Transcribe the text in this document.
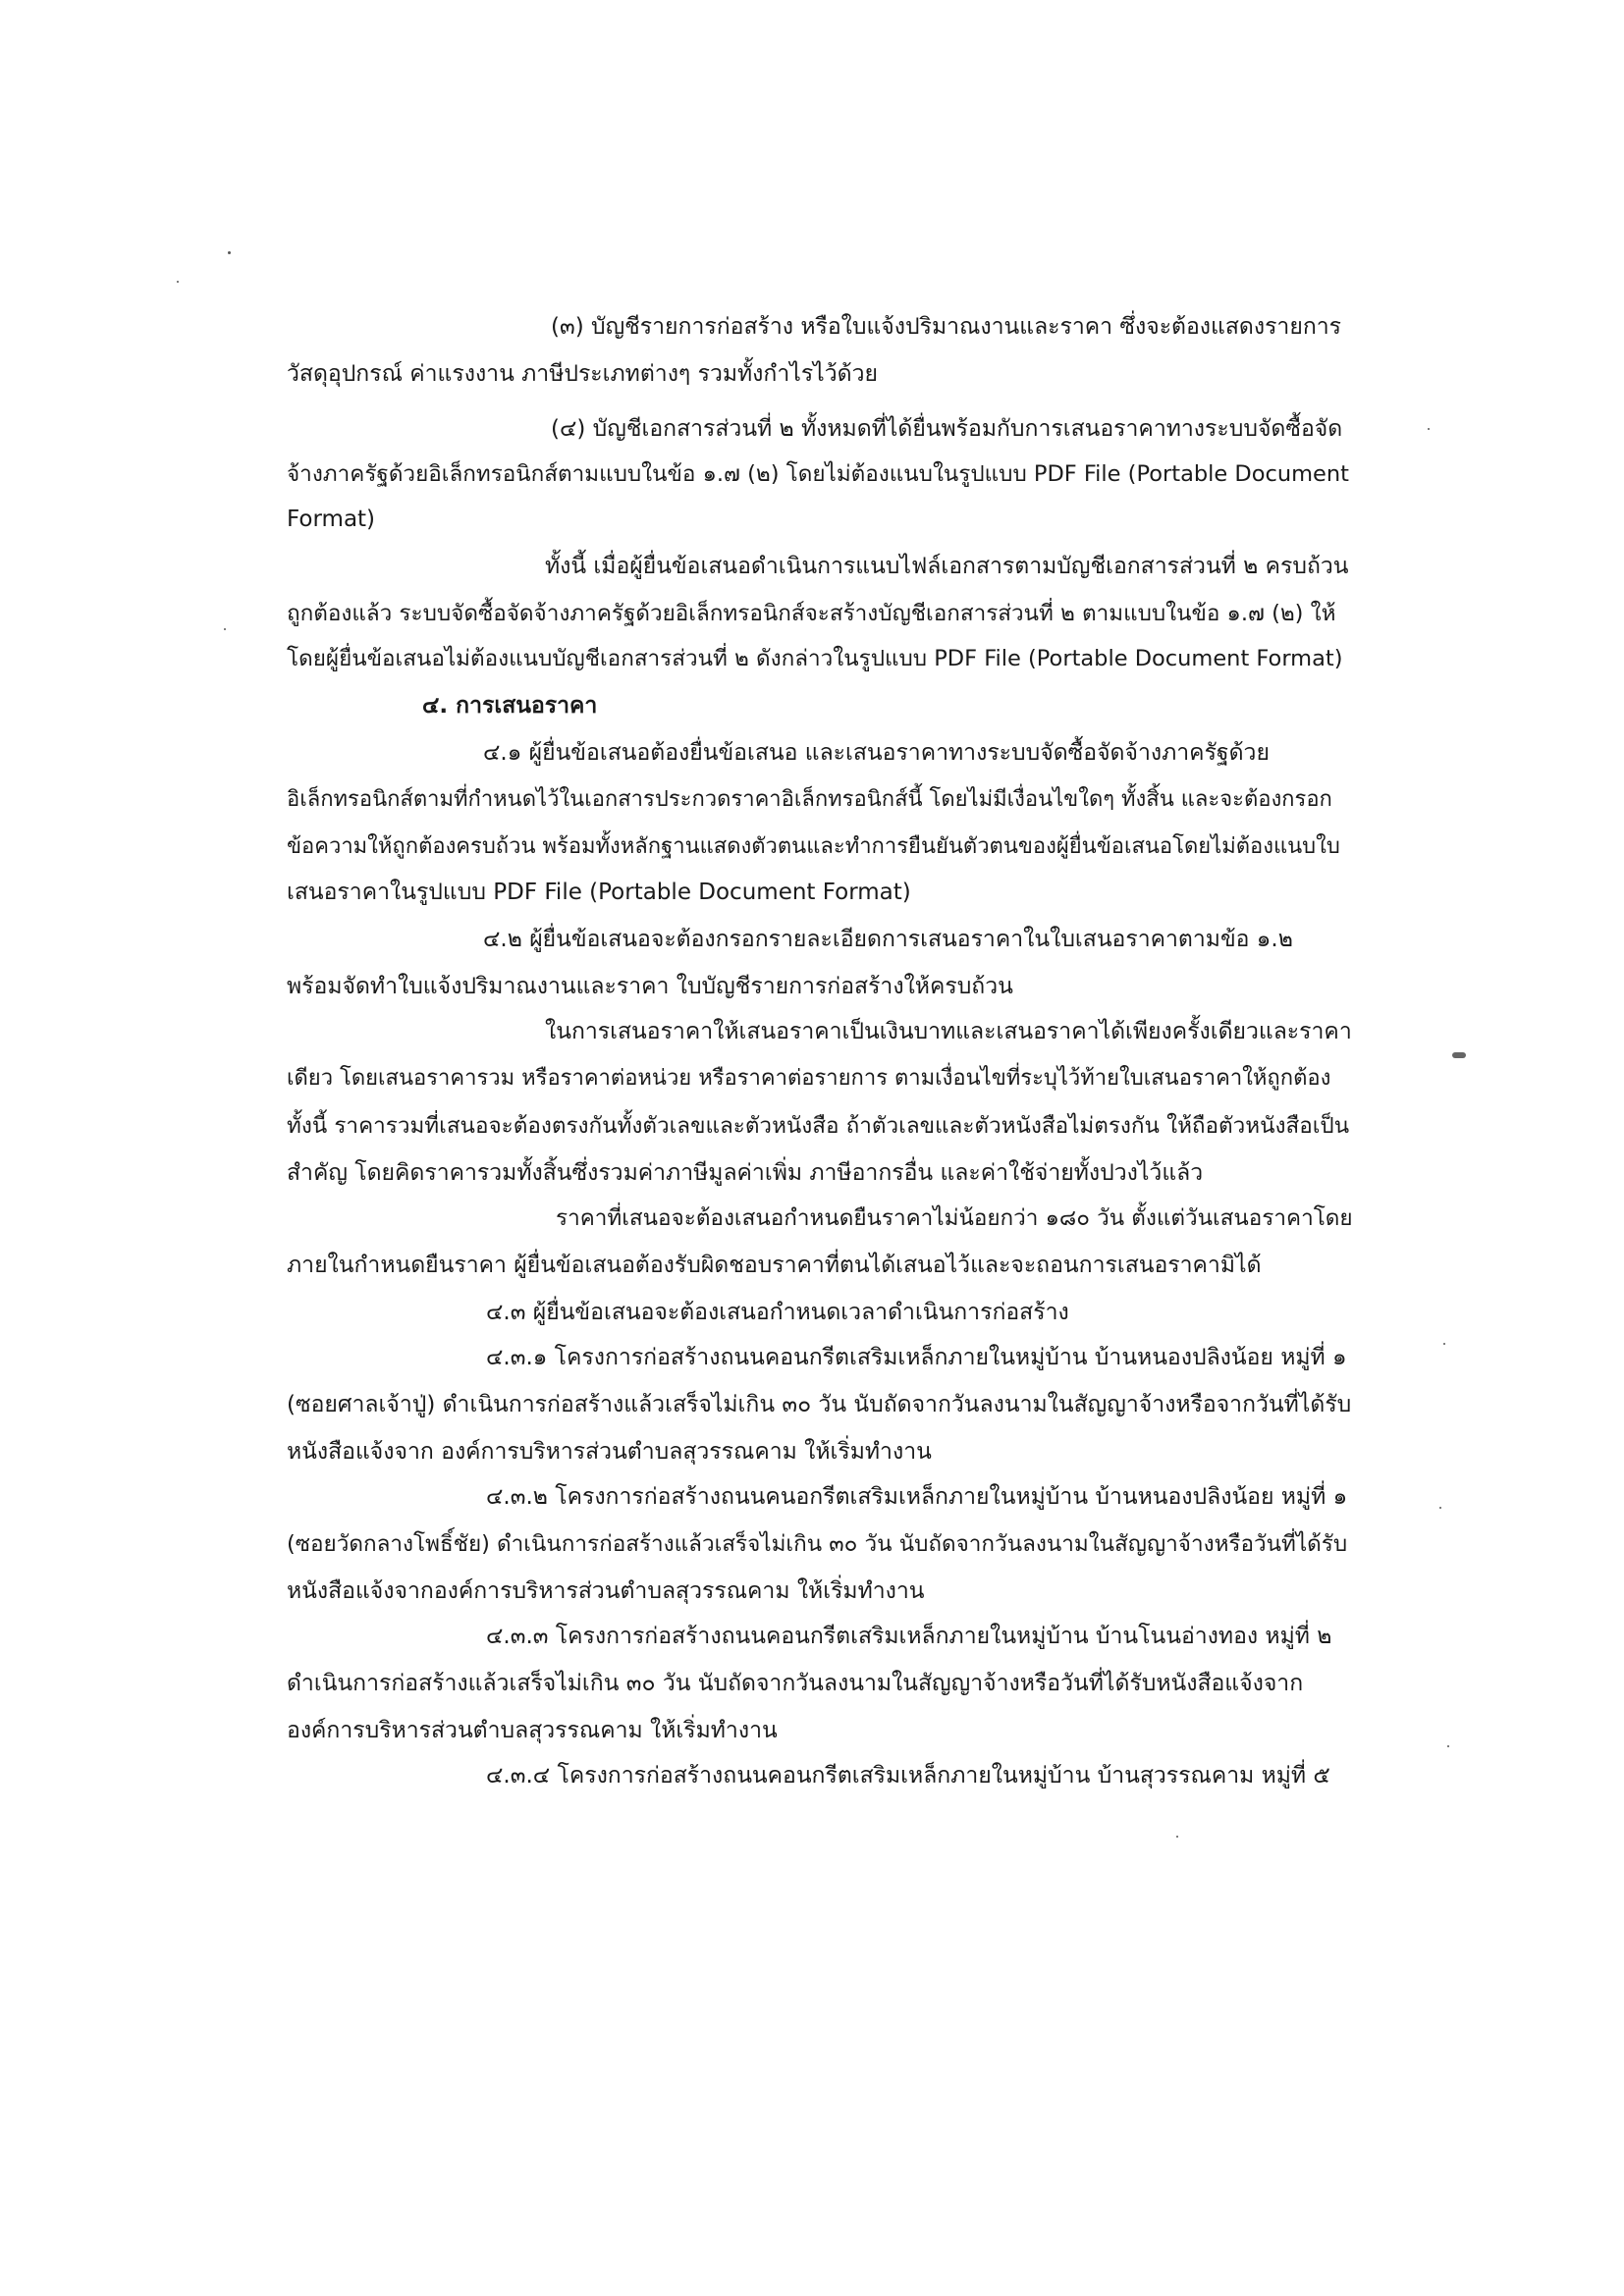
(๓) บัญชีรายการก่อสร้าง หรือใบแจ้งปริมาณงานและราคา ซึ่งจะต้องแสดงรายการ
วัสดุอุปกรณ์ ค่าแรงงาน ภาษีประเภทต่างๆ รวมทั้งกำไรไว้ด้วย
(๔) บัญชีเอกสารส่วนที่ ๒ ทั้งหมดที่ได้ยื่นพร้อมกับการเสนอราคาทางระบบจัดซื้อจัด
จ้างภาครัฐด้วยอิเล็กทรอนิกส์ตามแบบในข้อ ๑.๗ (๒) โดยไม่ต้องแนบในรูปแบบ PDF File (Portable Document
Format)
ทั้งนี้ เมื่อผู้ยื่นข้อเสนอดำเนินการแนบไฟล์เอกสารตามบัญชีเอกสารส่วนที่ ๒ ครบถ้วน
ถูกต้องแล้ว ระบบจัดซื้อจัดจ้างภาครัฐด้วยอิเล็กทรอนิกส์จะสร้างบัญชีเอกสารส่วนที่ ๒ ตามแบบในข้อ ๑.๗ (๒) ให้
โดยผู้ยื่นข้อเสนอไม่ต้องแนบบัญชีเอกสารส่วนที่ ๒ ดังกล่าวในรูปแบบ PDF File (Portable Document Format)
๔. การเสนอราคา
๔.๑ ผู้ยื่นข้อเสนอต้องยื่นข้อเสนอ และเสนอราคาทางระบบจัดซื้อจัดจ้างภาครัฐด้วย
อิเล็กทรอนิกส์ตามที่กำหนดไว้ในเอกสารประกวดราคาอิเล็กทรอนิกส์นี้ โดยไม่มีเงื่อนไขใดๆ ทั้งสิ้น และจะต้องกรอก
ข้อความให้ถูกต้องครบถ้วน พร้อมทั้งหลักฐานแสดงตัวตนและทำการยืนยันตัวตนของผู้ยื่นข้อเสนอโดยไม่ต้องแนบใบ
เสนอราคาในรูปแบบ PDF File (Portable Document Format)
๔.๒ ผู้ยื่นข้อเสนอจะต้องกรอกรายละเอียดการเสนอราคาในใบเสนอราคาตามข้อ ๑.๒
พร้อมจัดทำใบแจ้งปริมาณงานและราคา ใบบัญชีรายการก่อสร้างให้ครบถ้วน
ในการเสนอราคาให้เสนอราคาเป็นเงินบาทและเสนอราคาได้เพียงครั้งเดียวและราคา
เดียว โดยเสนอราคารวม หรือราคาต่อหน่วย หรือราคาต่อรายการ ตามเงื่อนไขที่ระบุไว้ท้ายใบเสนอราคาให้ถูกต้อง
ทั้งนี้ ราคารวมที่เสนอจะต้องตรงกันทั้งตัวเลขและตัวหนังสือ ถ้าตัวเลขและตัวหนังสือไม่ตรงกัน ให้ถือตัวหนังสือเป็น
สำคัญ โดยคิดราคารวมทั้งสิ้นซึ่งรวมค่าภาษีมูลค่าเพิ่ม ภาษีอากรอื่น และค่าใช้จ่ายทั้งปวงไว้แล้ว
ราคาที่เสนอจะต้องเสนอกำหนดยืนราคาไม่น้อยกว่า ๑๘๐ วัน ตั้งแต่วันเสนอราคาโดย
ภายในกำหนดยืนราคา ผู้ยื่นข้อเสนอต้องรับผิดชอบราคาที่ตนได้เสนอไว้และจะถอนการเสนอราคามิได้
๔.๓ ผู้ยื่นข้อเสนอจะต้องเสนอกำหนดเวลาดำเนินการก่อสร้าง
๔.๓.๑ โครงการก่อสร้างถนนคอนกรีตเสริมเหล็กภายในหมู่บ้าน บ้านหนองปลิงน้อย หมู่ที่ ๑
(ซอยศาลเจ้าปู่) ดำเนินการก่อสร้างแล้วเสร็จไม่เกิน ๓๐ วัน นับถัดจากวันลงนามในสัญญาจ้างหรือจากวันที่ได้รับ
หนังสือแจ้งจาก องค์การบริหารส่วนตำบลสุวรรณคาม ให้เริ่มทำงาน
๔.๓.๒ โครงการก่อสร้างถนนคนอกรีตเสริมเหล็กภายในหมู่บ้าน บ้านหนองปลิงน้อย หมู่ที่ ๑
(ซอยวัดกลางโพธิ์ชัย) ดำเนินการก่อสร้างแล้วเสร็จไม่เกิน ๓๐ วัน นับถัดจากวันลงนามในสัญญาจ้างหรือวันที่ได้รับ
หนังสือแจ้งจากองค์การบริหารส่วนตำบลสุวรรณคาม ให้เริ่มทำงาน
๔.๓.๓ โครงการก่อสร้างถนนคอนกรีตเสริมเหล็กภายในหมู่บ้าน บ้านโนนอ่างทอง หมู่ที่ ๒
ดำเนินการก่อสร้างแล้วเสร็จไม่เกิน ๓๐ วัน นับถัดจากวันลงนามในสัญญาจ้างหรือวันที่ได้รับหนังสือแจ้งจาก
องค์การบริหารส่วนตำบลสุวรรณคาม ให้เริ่มทำงาน
๔.๓.๔ โครงการก่อสร้างถนนคอนกรีตเสริมเหล็กภายในหมู่บ้าน บ้านสุวรรณคาม หมู่ที่ ๕
